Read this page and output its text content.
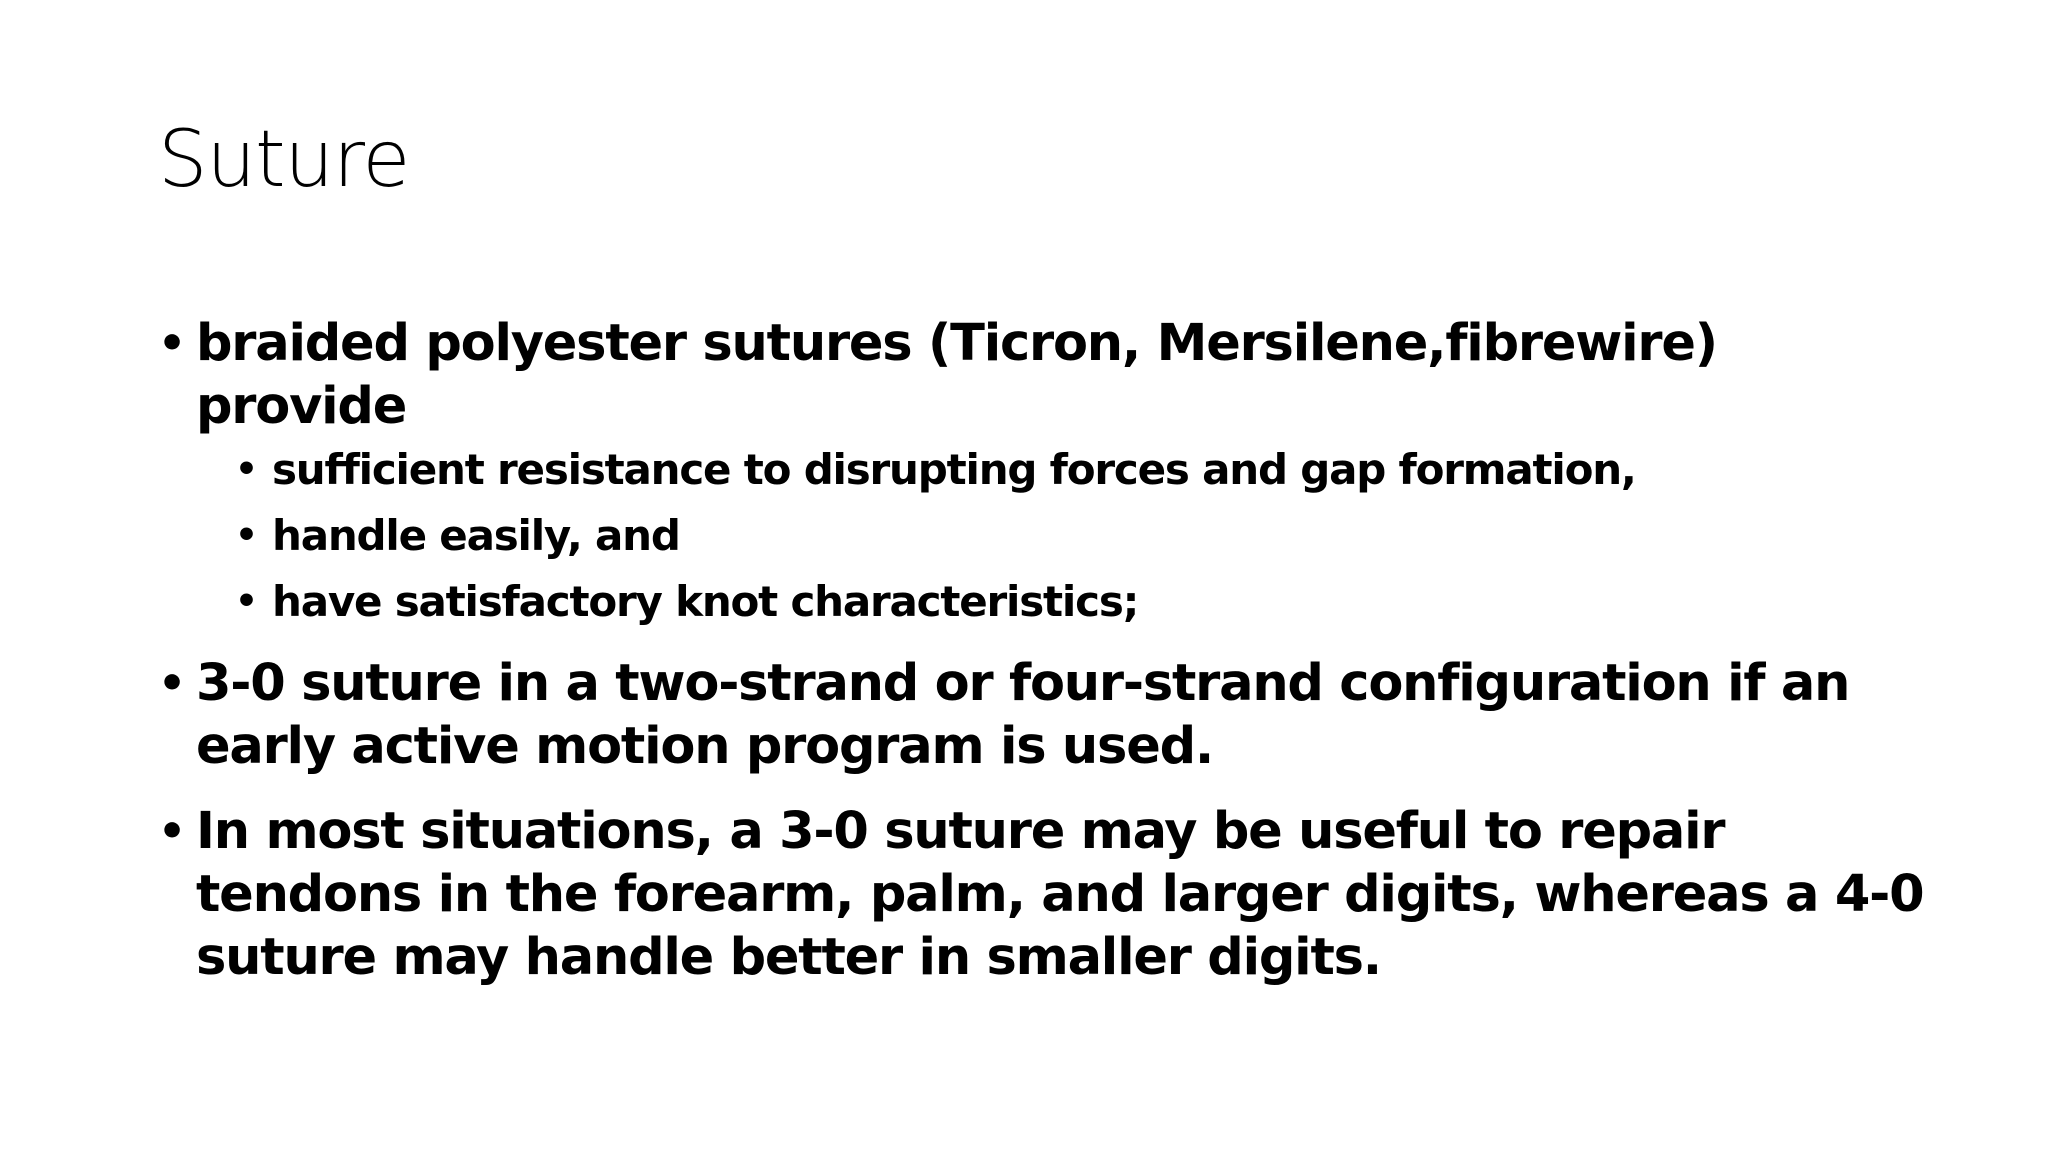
Suture
• braided polyester sutures (Ticron, Mersilene,fibrewire) provide
• sufficient resistance to disrupting forces and gap formation,
• handle easily, and
• have satisfactory knot characteristics;
• 3-0 suture in a two-strand or four-strand configuration if an early active motion program is used.
• In most situations, a 3-0 suture may be useful to repair tendons in the forearm, palm, and larger digits, whereas a 4-0 suture may handle better in smaller digits.
